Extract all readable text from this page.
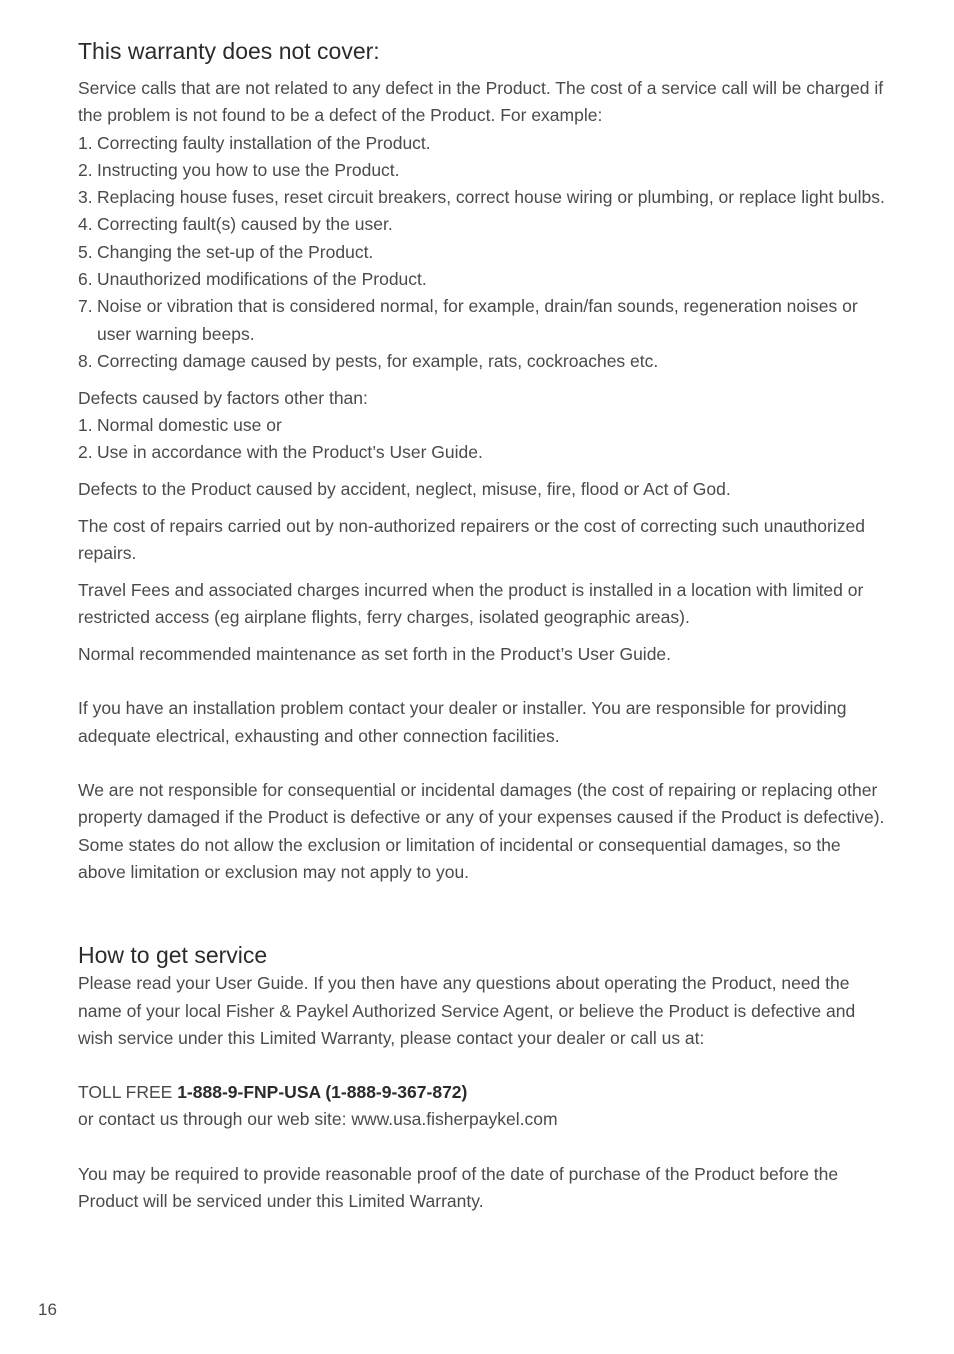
This warranty does not cover:

Service calls that are not related to any defect in the Product. The cost of a service call will be charged if the problem is not found to be a defect of the Product. For example:

1. Correcting faulty installation of the Product.
2. Instructing you how to use the Product.
3. Replacing house fuses, reset circuit breakers, correct house wiring or plumbing, or replace light bulbs.
4. Correcting fault(s) caused by the user.
5. Changing the set-up of the Product.
6. Unauthorized modifications of the Product.
7. Noise or vibration that is considered normal, for example, drain/fan sounds, regeneration noises or user warning beeps.
8. Correcting damage caused by pests, for example, rats, cockroaches etc.

Defects caused by factors other than:

1. Normal domestic use or
2. Use in accordance with the Product’s User Guide.

Defects to the Product caused by accident, neglect, misuse, fire, flood or Act of God.

The cost of repairs carried out by non-authorized repairers or the cost of correcting such unauthorized repairs.

Travel Fees and associated charges incurred when the product is installed in a location with limited or restricted access (eg airplane flights, ferry charges, isolated geographic areas).

Normal recommended maintenance as set forth in the Product’s User Guide.

If you have an installation problem contact your dealer or installer. You are responsible for providing adequate electrical, exhausting and other connection facilities.

We are not responsible for consequential or incidental damages (the cost of repairing or replacing other property damaged if the Product is defective or any of your expenses caused if the Product is defective). Some states do not allow the exclusion or limitation of incidental or consequential damages, so the above limitation or exclusion may not apply to you.

How to get service

Please read your User Guide. If you then have any questions about operating the Product, need the name of your local Fisher & Paykel Authorized Service Agent, or believe the Product is defective and wish service under this Limited Warranty, please contact your dealer or call us at:

TOLL FREE 1-888-9-FNP-USA (1-888-9-367-872)

or contact us through our web site: www.usa.fisherpaykel.com

You may be required to provide reasonable proof of the date of purchase of the Product before the Product will be serviced under this Limited Warranty.

16
